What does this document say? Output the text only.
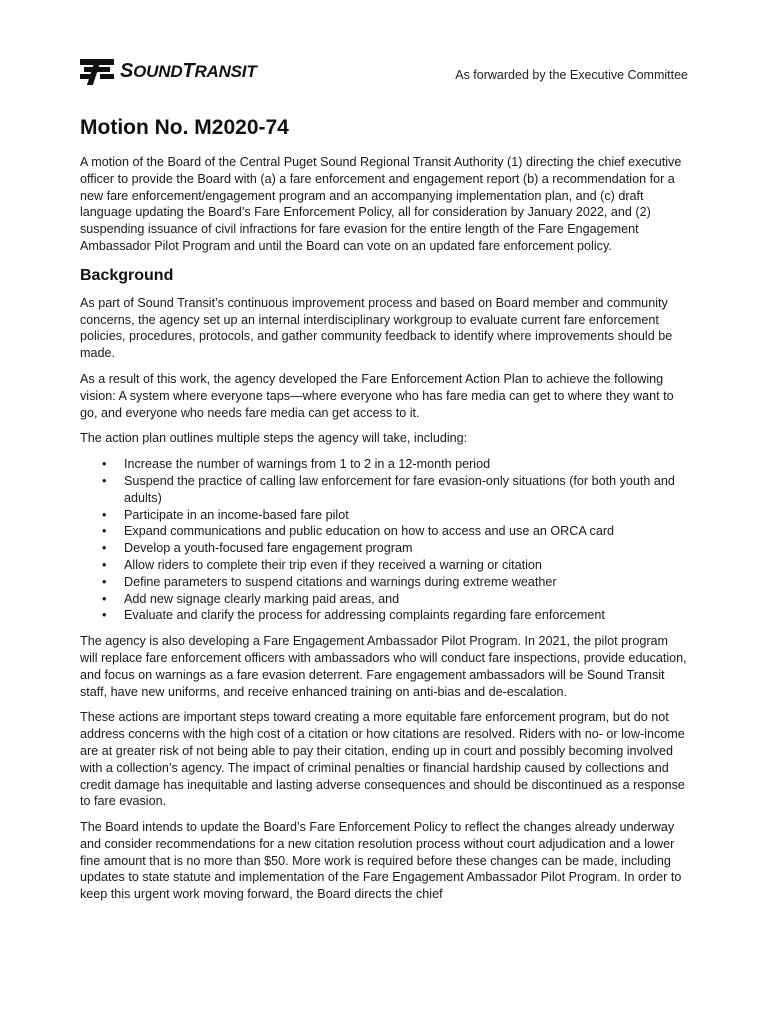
SOUNDTRANSIT	As forwarded by the Executive Committee
Motion No. M2020-74

A motion of the Board of the Central Puget Sound Regional Transit Authority (1) directing the chief executive officer to provide the Board with (a) a fare enforcement and engagement report (b) a recommendation for a new fare enforcement/engagement program and an accompanying implementation plan, and (c) draft language updating the Board’s Fare Enforcement Policy, all for consideration by January 2022, and (2) suspending issuance of civil infractions for fare evasion for the entire length of the Fare Engagement Ambassador Pilot Program and until the Board can vote on an updated fare enforcement policy.

Background

As part of Sound Transit’s continuous improvement process and based on Board member and community concerns, the agency set up an internal interdisciplinary workgroup to evaluate current fare enforcement policies, procedures, protocols, and gather community feedback to identify where improvements should be made.

As a result of this work, the agency developed the Fare Enforcement Action Plan to achieve the following vision: A system where everyone taps—where everyone who has fare media can get to where they want to go, and everyone who needs fare media can get access to it.

The action plan outlines multiple steps the agency will take, including:

• Increase the number of warnings from 1 to 2 in a 12-month period
• Suspend the practice of calling law enforcement for fare evasion-only situations (for both youth and adults)
• Participate in an income-based fare pilot
• Expand communications and public education on how to access and use an ORCA card
• Develop a youth-focused fare engagement program
• Allow riders to complete their trip even if they received a warning or citation
• Define parameters to suspend citations and warnings during extreme weather
• Add new signage clearly marking paid areas, and
• Evaluate and clarify the process for addressing complaints regarding fare enforcement

The agency is also developing a Fare Engagement Ambassador Pilot Program. In 2021, the pilot program will replace fare enforcement officers with ambassadors who will conduct fare inspections, provide education, and focus on warnings as a fare evasion deterrent. Fare engagement ambassadors will be Sound Transit staff, have new uniforms, and receive enhanced training on anti-bias and de-escalation.

These actions are important steps toward creating a more equitable fare enforcement program, but do not address concerns with the high cost of a citation or how citations are resolved. Riders with no- or low-income are at greater risk of not being able to pay their citation, ending up in court and possibly becoming involved with a collection’s agency. The impact of criminal penalties or financial hardship caused by collections and credit damage has inequitable and lasting adverse consequences and should be discontinued as a response to fare evasion.

The Board intends to update the Board’s Fare Enforcement Policy to reflect the changes already underway and consider recommendations for a new citation resolution process without court adjudication and a lower fine amount that is no more than $50. More work is required before these changes can be made, including updates to state statute and implementation of the Fare Engagement Ambassador Pilot Program. In order to keep this urgent work moving forward, the Board directs the chief
